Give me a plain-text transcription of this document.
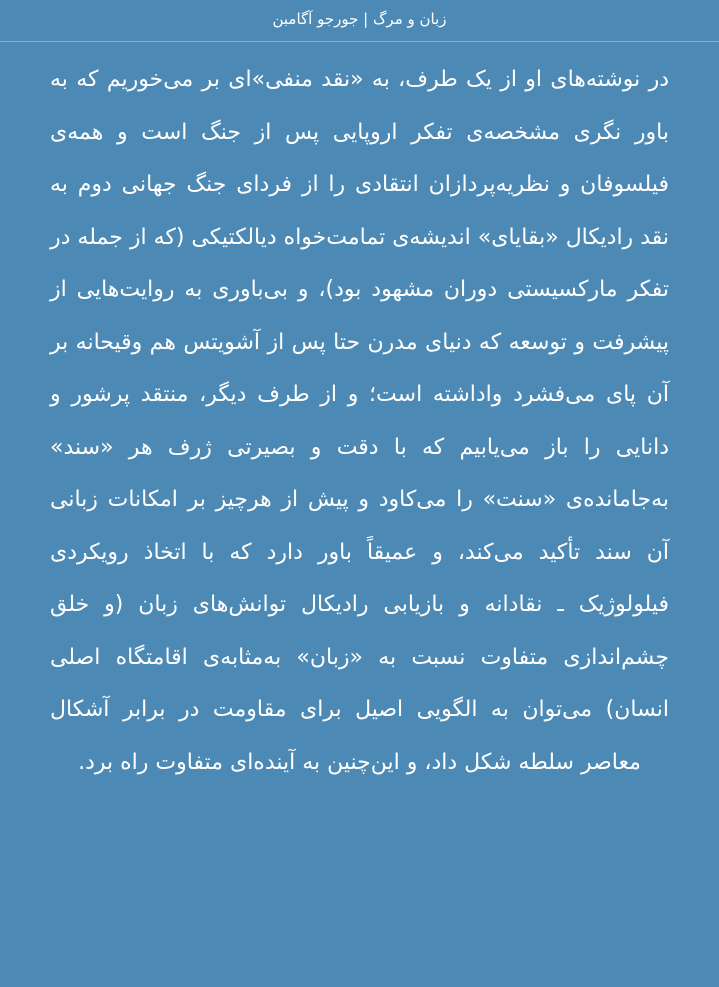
زبان و مرگ | جورجو آگامبن

در نوشته‌های او از یک طرف، به «نقد منفی»‌ای بر می‌خوریم که به باور نگری مشخصه‌ی تفکر اروپایی پس از جنگ است و همه‌ی فیلسوفان و نظریه‌پردازان انتقادی را از فردای جنگ جهانی دوم به نقد رادیکال «بقایای» اندیشه‌ی تمامت‌خواه دیالکتیکی (که از جمله در تفکر مارکسیستی دوران مشهود بود)، و بی‌باوری به روایت‌هایی از پیشرفت و توسعه که دنیای مدرن حتا پس از آشویتس هم وقیحانه بر آن پای می‌فشرد واداشته است؛ و از طرف دیگر، منتقد پرشور و دانایی را باز می‌یابیم که با دقت و بصیرتی ژرف هر «سند» به‌جامانده‌ی «سنت» را می‌کاود و پیش از هرچیز بر امکانات زبانی آن سند تأکید می‌کند، و عمیقاً باور دارد که با اتخاذ رویکردی فیلولوژیک ـ نقادانه و بازیابی رادیکال توانش‌های زبان (و خلق چشم‌اندازی متفاوت نسبت به «زبان» به‌مثابه‌ی اقامتگاه اصلی انسان) می‌توان به الگویی اصیل برای مقاومت در برابر آشکال معاصر سلطه شکل داد، و این‌چنین به آینده‌ای متفاوت راه برد.
